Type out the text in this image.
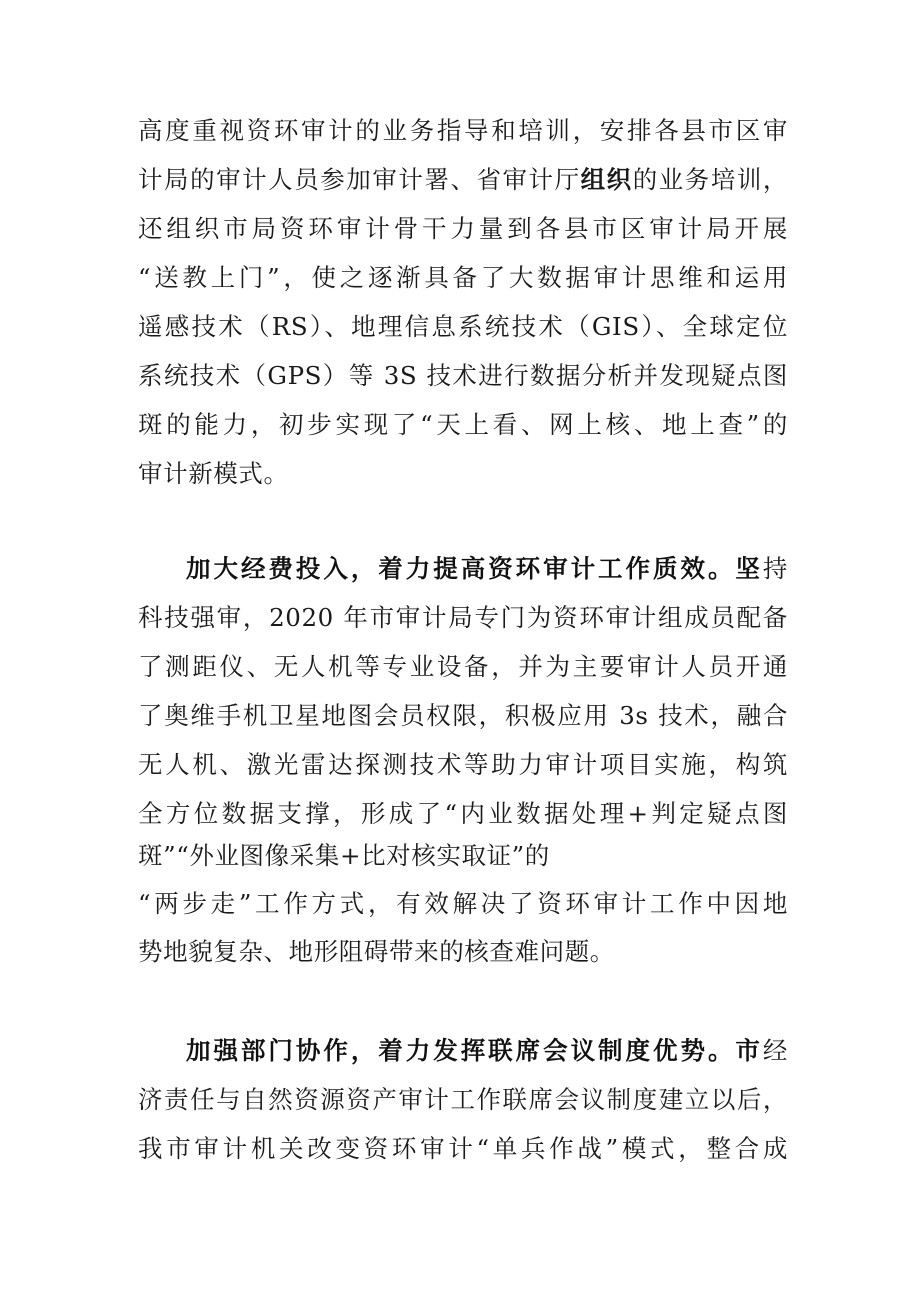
高度重视资环审计的业务指导和培训，安排各县市区审
计局的审计人员参加审计署、省审计厅组织的业务培训，
还组织市局资环审计骨干力量到各县市区审计局开展
“送教上门”，使之逐渐具备了大数据审计思维和运用
遥感技术（RS）、地理信息系统技术（GIS）、全球定位
系统技术（GPS）等 3S 技术进行数据分析并发现疑点图
斑的能力，初步实现了“天上看、网上核、地上查”的
审计新模式。
加大经费投入，着力提高资环审计工作质效。坚持
科技强审，2020 年市审计局专门为资环审计组成员配备
了测距仪、无人机等专业设备，并为主要审计人员开通
了奥维手机卫星地图会员权限，积极应用 3s 技术，融合
无人机、激光雷达探测技术等助力审计项目实施，构筑
全方位数据支撑，形成了“内业数据处理+判定疑点图
斑”“外业图像采集+比对核实取证”的
“两步走”工作方式，有效解决了资环审计工作中因地
势地貌复杂、地形阻碍带来的核查难问题。
加强部门协作，着力发挥联席会议制度优势。市经
济责任与自然资源资产审计工作联席会议制度建立以后，
我市审计机关改变资环审计“单兵作战”模式，整合成
